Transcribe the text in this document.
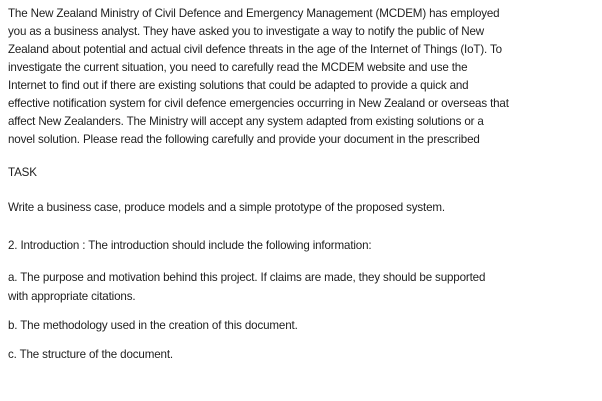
The New Zealand Ministry of Civil Defence and Emergency Management (MCDEM) has employed
you as a business analyst. They have asked you to investigate a way to notify the public of New
Zealand about potential and actual civil defence threats in the age of the Internet of Things (IoT). To
investigate the current situation, you need to carefully read the MCDEM website and use the
Internet to find out if there are existing solutions that could be adapted to provide a quick and
effective notification system for civil defence emergencies occurring in New Zealand or overseas that
affect New Zealanders. The Ministry will accept any system adapted from existing solutions or a
novel solution. Please read the following carefully and provide your document in the prescribed
TASK
Write a business case, produce models and a simple prototype of the proposed system.
2. Introduction : The introduction should include the following information:
a. The purpose and motivation behind this project. If claims are made, they should be supported
with appropriate citations.
b. The methodology used in the creation of this document.
c. The structure of the document.
